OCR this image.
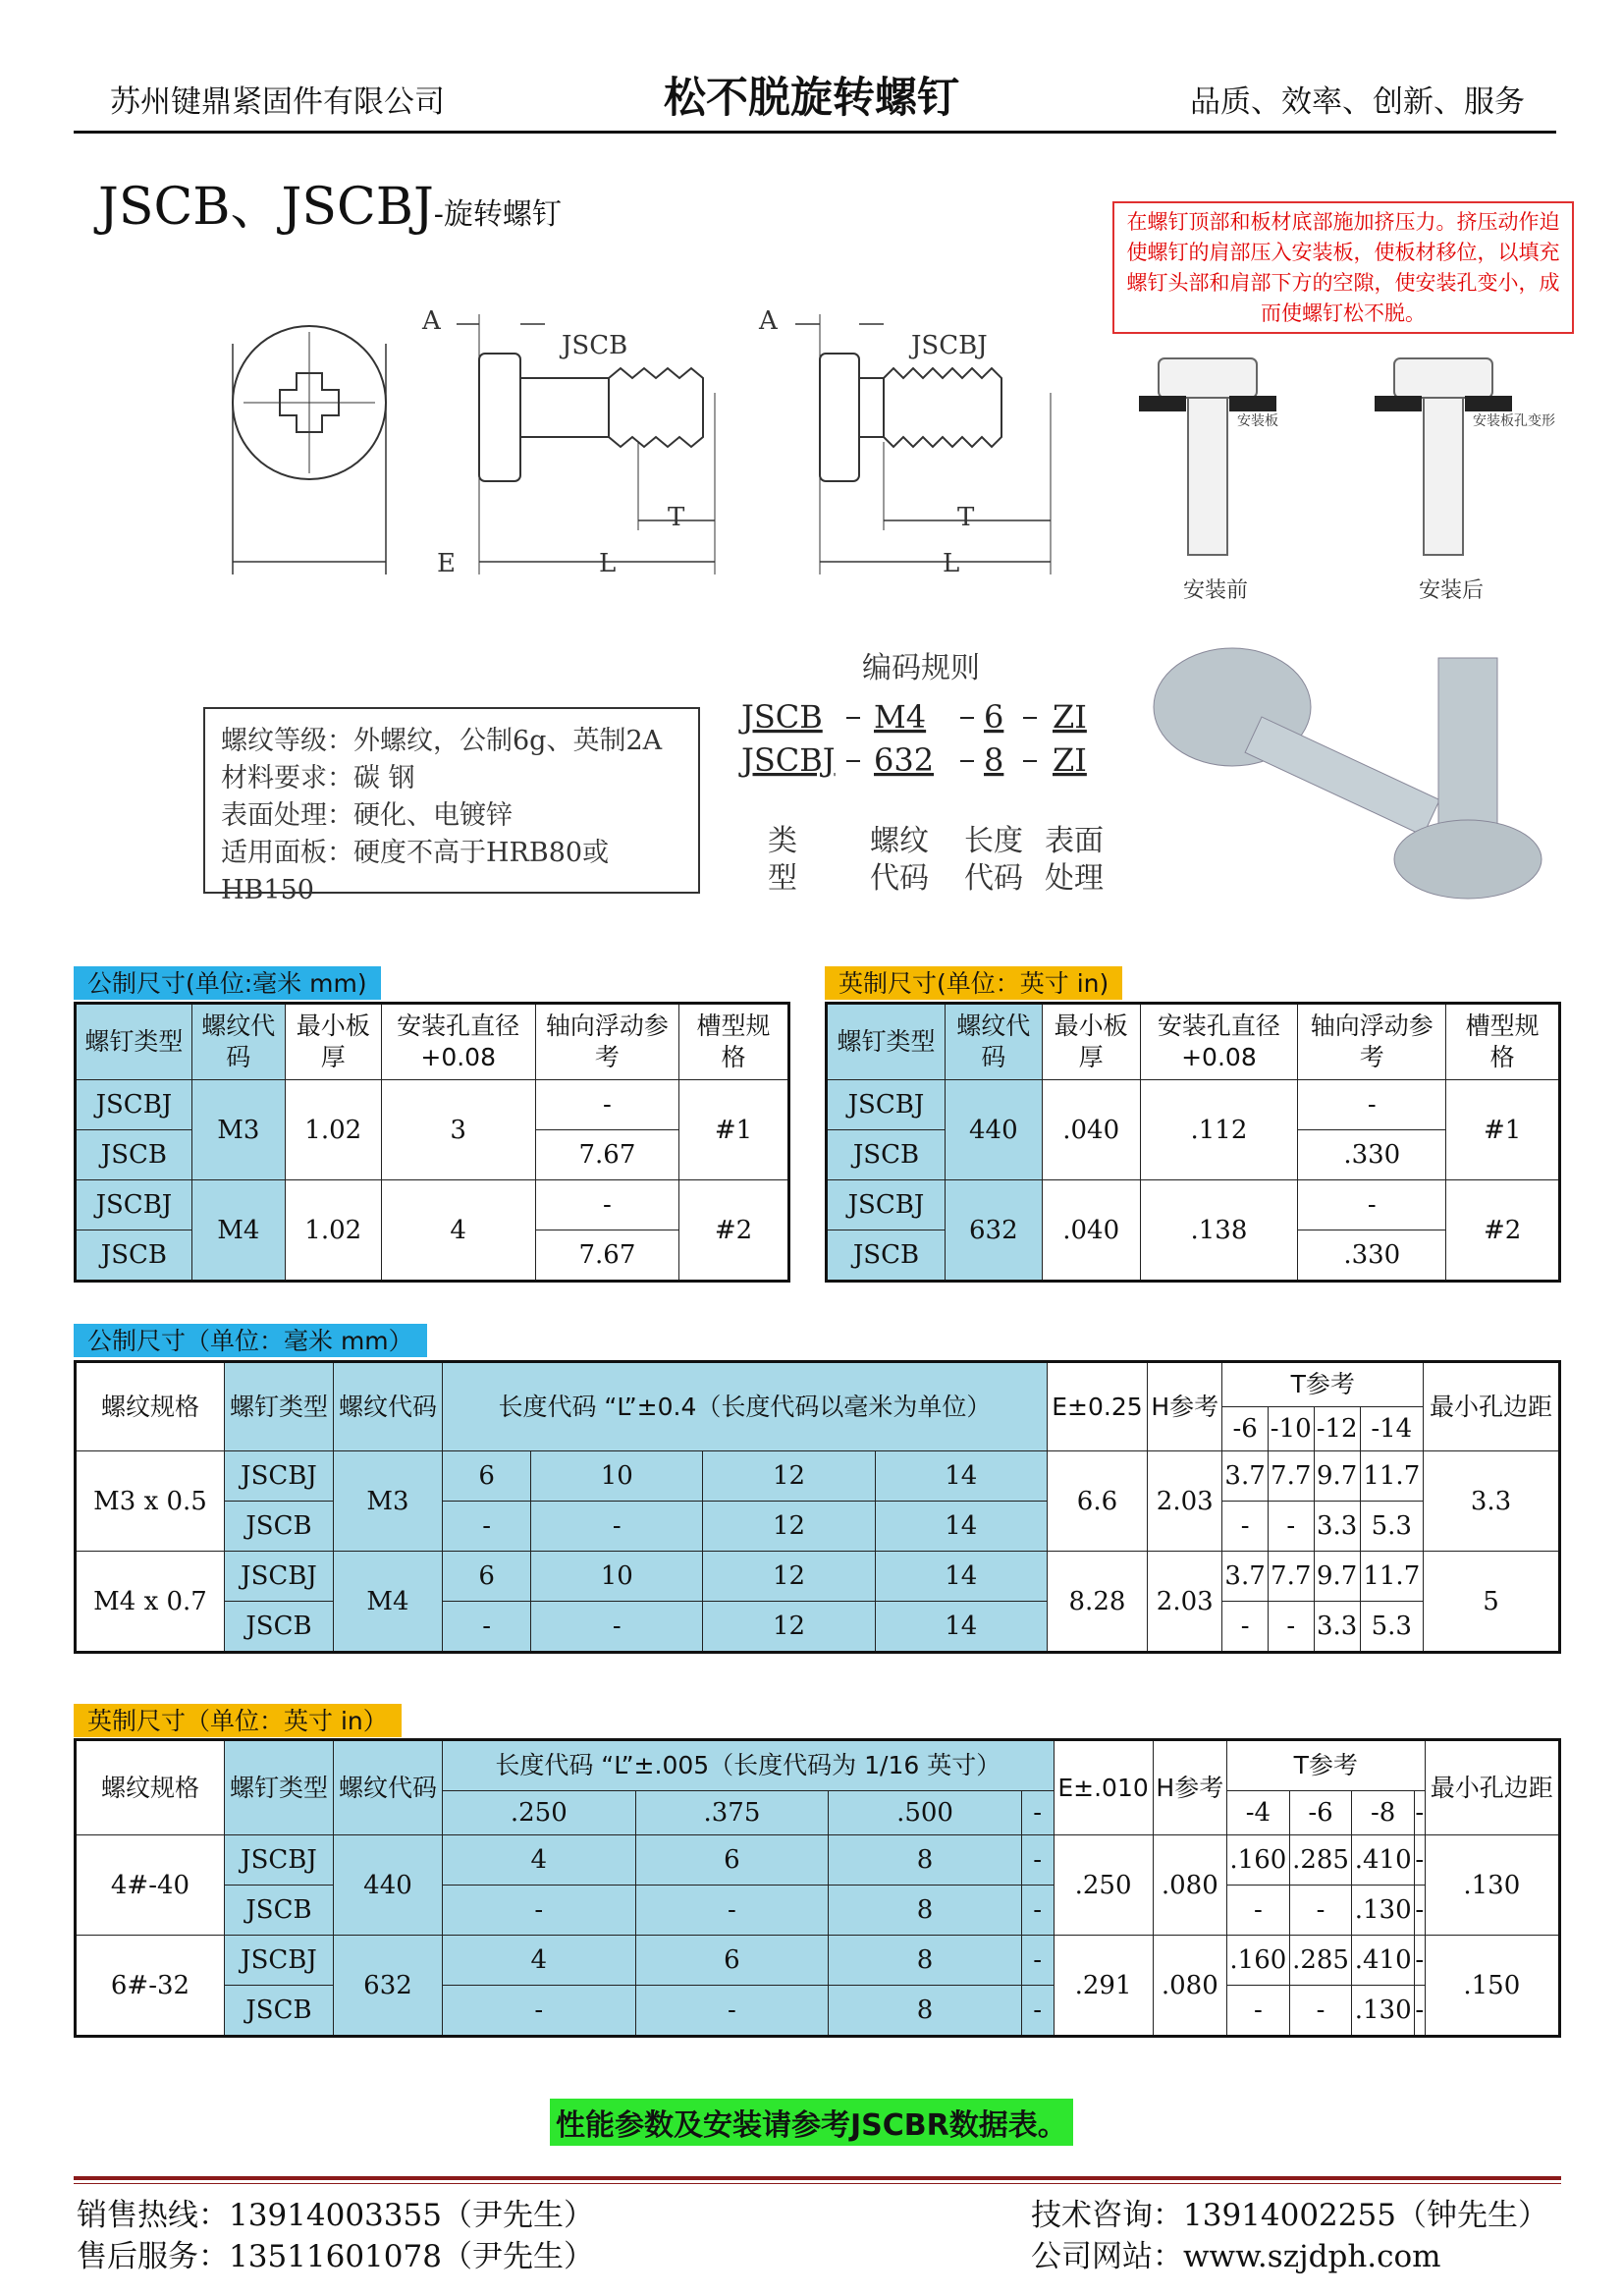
苏州键鼎紧固件有限公司	松不脱旋转螺钉	品质、效率、创新、服务
JSCB、JSCBJ-旋转螺钉	在螺钉顶部和板材底部施加挤压力。挤压动作迫使螺钉的肩部压入安装板，使板材移位，以填充螺钉头部和肩部下方的空隙，使安装孔变小，成而使螺钉松不脱。
A
JSCB
T
L
E
A
JSCBJ
T
L
安装板	安装板孔变形
安装前	安装后
螺纹等级：外螺纹，公制6g、英制2A
材料要求：碳 钢
表面处理：硬化、电镀锌
适用面板：硬度不高于HRB80或HB150
编码规则
JSCB M4 6 ZI
JSCBJ 632 8 ZI
类型
螺纹代码
长度代码
表面处理
公制尺寸(单位:毫米 mm)
螺钉类型	螺纹代码	最小板厚	安装孔直径+0.08	轴向浮动参考	槽型规格
JSCBJ	M3	1.02	3	-	#1
JSCB				7.67	
JSCBJ	M4	1.02	4	-	#2
JSCB				7.67	
英制尺寸(单位：英寸 in)
螺钉类型	螺纹代码	最小板厚	安装孔直径+0.08	轴向浮动参考	槽型规格
JSCBJ	440	.040	.112	-	#1
JSCB				.330	
JSCBJ	632	.040	.138	-	#2
JSCB				.330	
公制尺寸（单位：毫米 mm）
螺纹规格	螺钉类型	螺纹代码	长度代码 “L”±0.4（长度代码以毫米为单位）				E±0.25	H参考	T参考				最小孔边距
									-6	-10	-12	-14	
M3 x 0.5	JSCBJ	M3	6	10	12	14	6.6	2.03	3.7	7.7	9.7	11.7	3.3
	JSCB		-	-	12	14			-	-	3.3	5.3	
M4 x 0.7	JSCBJ	M4	6	10	12	14	8.28	2.03	3.7	7.7	9.7	11.7	5
	JSCB		-	-	12	14			-	-	3.3	5.3	
英制尺寸（单位：英寸 in）
螺纹规格	螺钉类型	螺纹代码	长度代码 “L”±.005（长度代码为 1/16 英寸）				E±.010	H参考	T参考				最小孔边距
			.250	.375	.500	-			-4	-6	-8	-	
4#-40	JSCBJ	440	4	6	8	-	.250	.080	.160	.285	.410	-	.130
	JSCB		-	-	8	-			-	-	.130	-	
6#-32	JSCBJ	632	4	6	8	-	.291	.080	.160	.285	.410	-	.150
	JSCB		-	-	8	-			-	-	.130	-	
性能参数及安装请参考JSCBR数据表。
销售热线：13914003355（尹先生）
售后服务：13511601078（尹先生）
技术咨询：13914002255（钟先生）
公司网站：www.szjdph.com
